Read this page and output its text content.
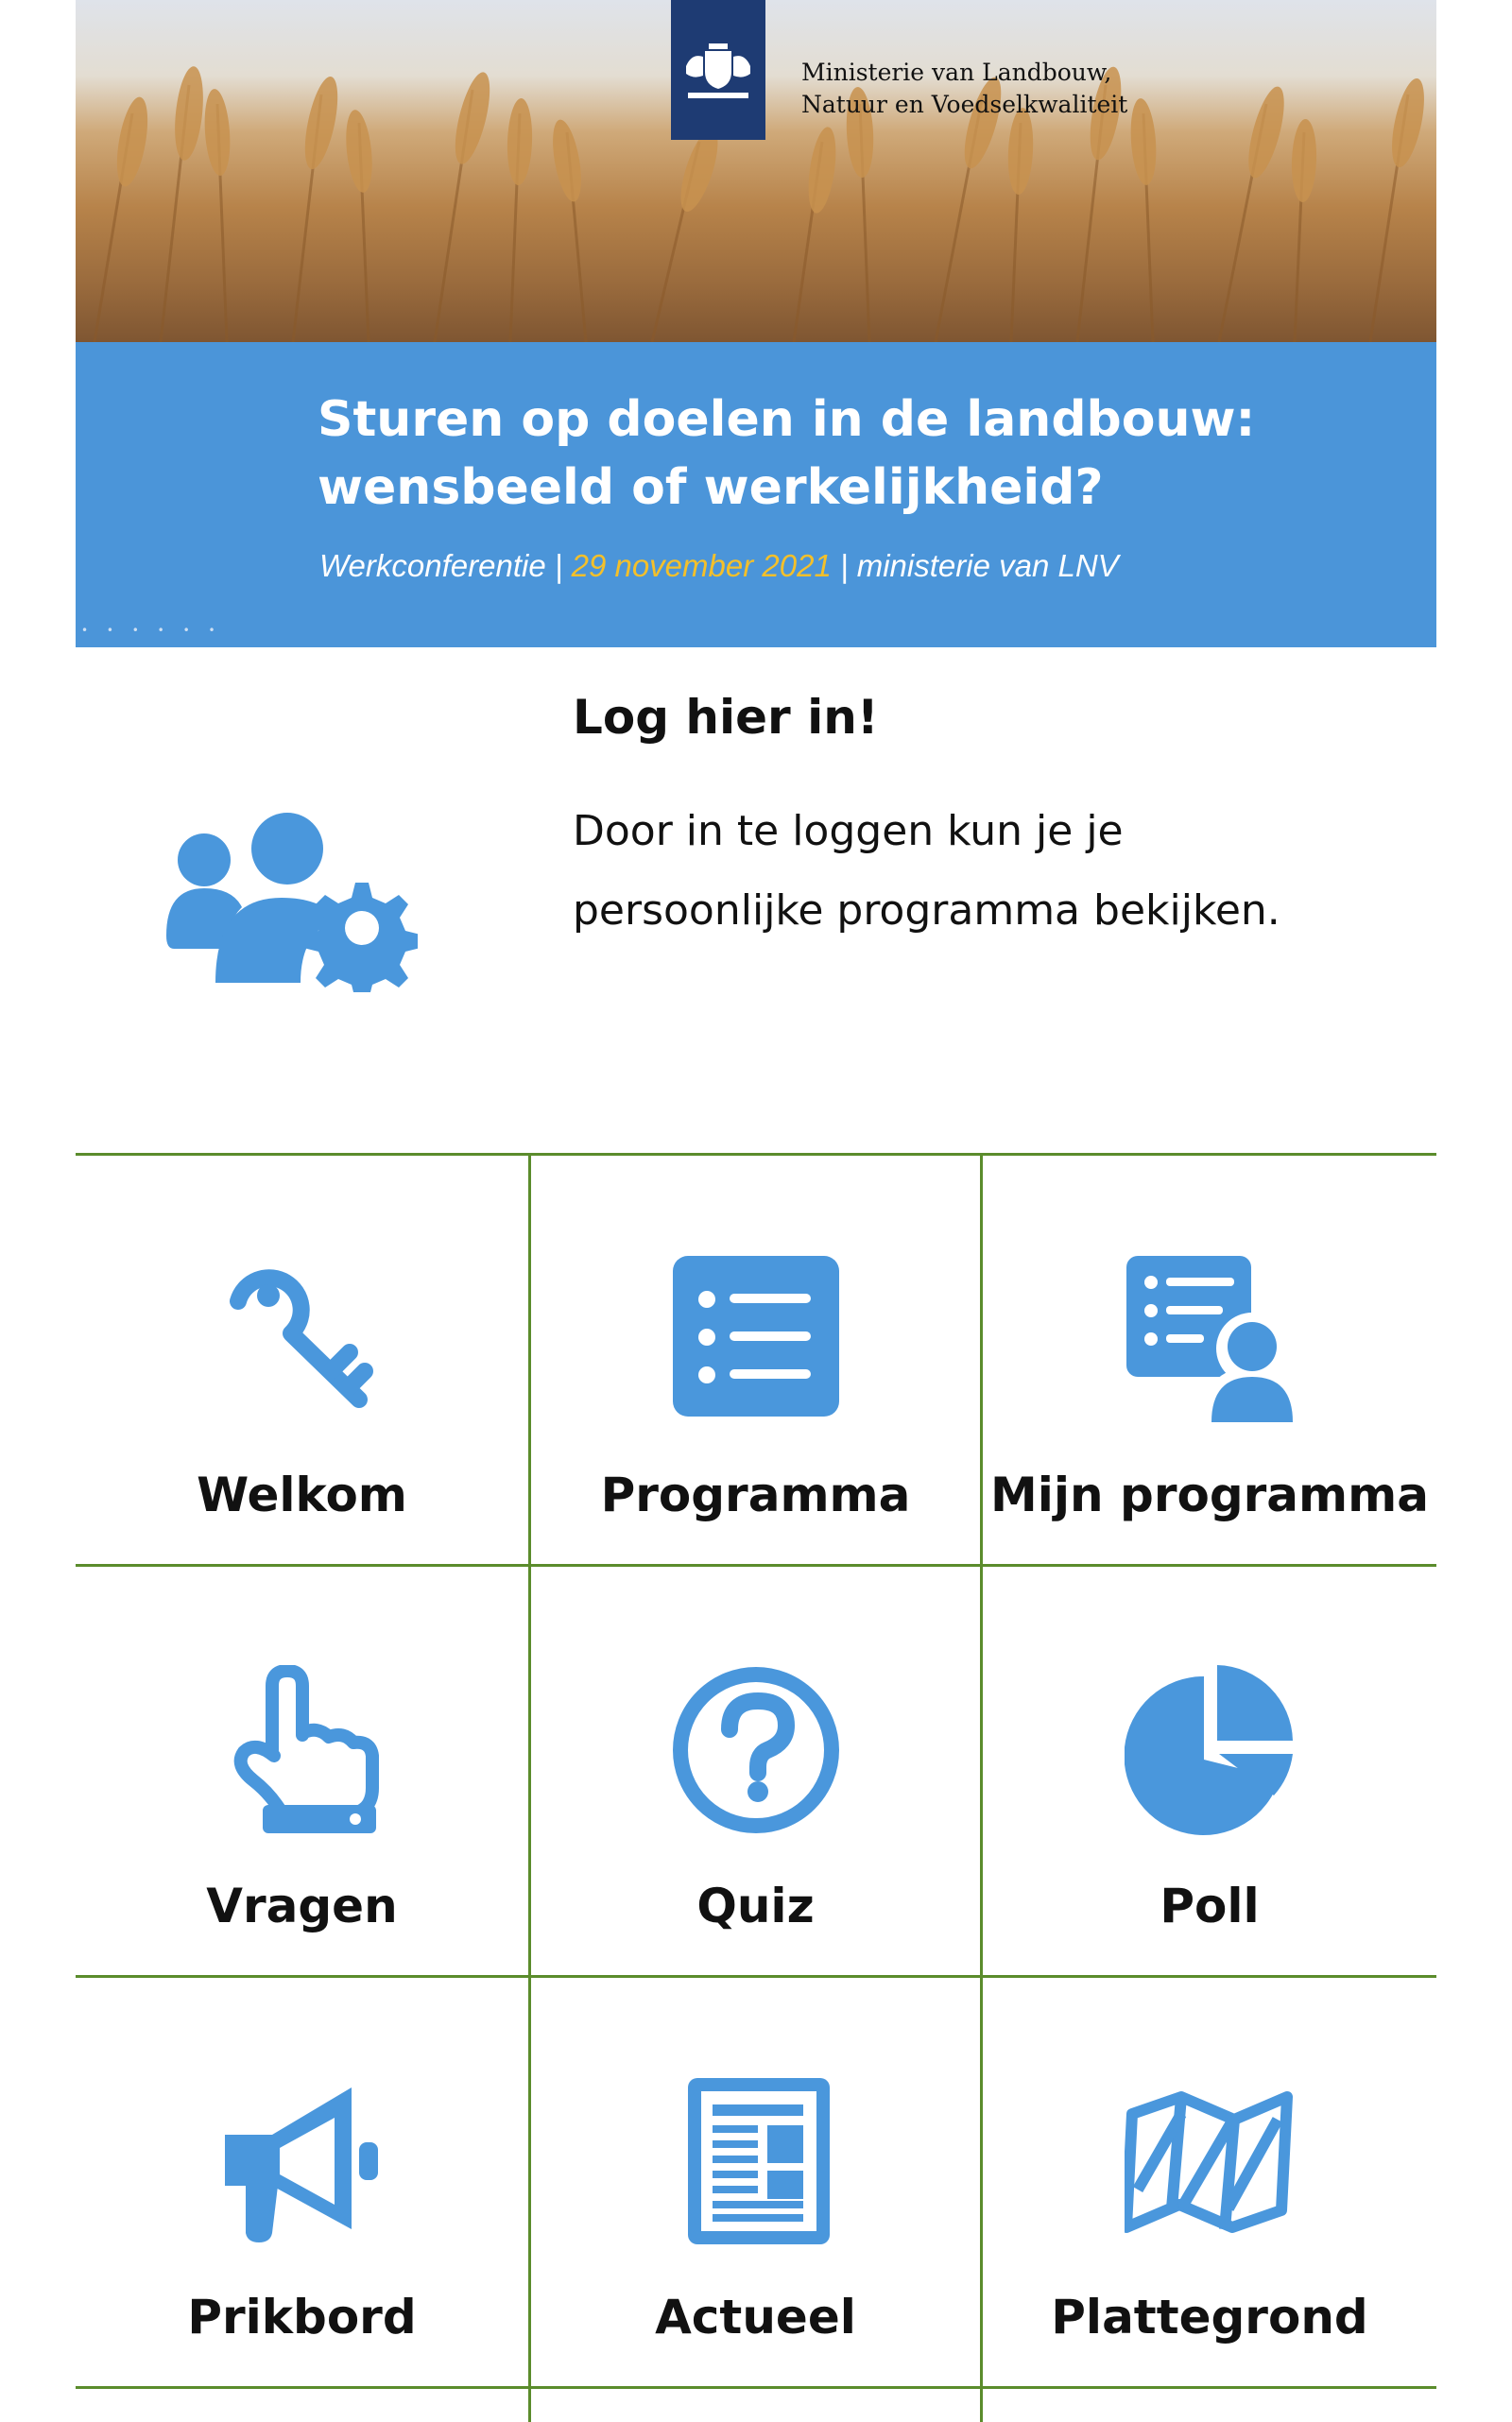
Ministerie van Landbouw,
Natuur en Voedselkwaliteit
Sturen op doelen in de landbouw:
wensbeeld of werkelijkheid?
Werkconferentie | 29 november 2021 | ministerie van LNV
• • • • • •
Log hier in!
Door in te loggen kun je je
persoonlijke programma bekijken.
Welkom	Programma	Mijn programma
Vragen	Quiz	Poll
Prikbord	Actueel	Plattegrond
